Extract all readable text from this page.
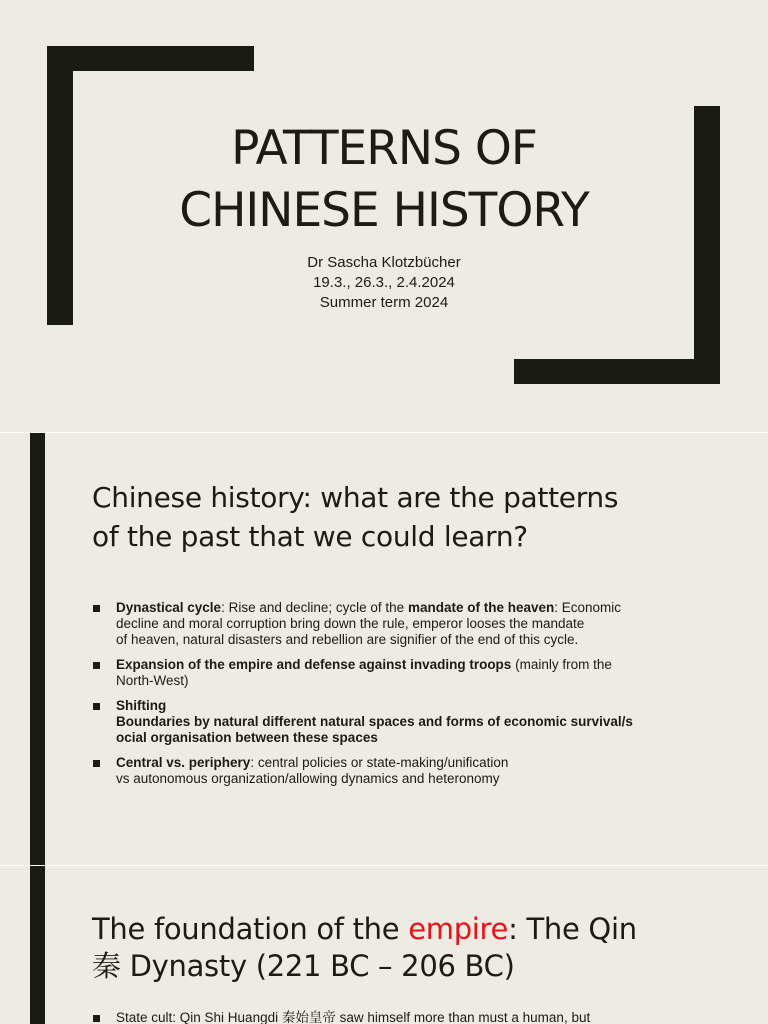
PATTERNS OF
CHINESE HISTORY
Dr Sascha Klotzbücher
19.3., 26.3., 2.4.2024
Summer term 2024
Chinese history: what are the patterns
of the past that we could learn?
Dynastical cycle: Rise and decline; cycle of the mandate of the heaven: Economic
decline and moral corruption bring down the rule, emperor looses the mandate
of heaven, natural disasters and rebellion are signifier of the end of this cycle.
Expansion of the empire and defense against invading troops (mainly from the
North-West)
Shifting
Boundaries by natural different natural spaces and forms of economic survival/s
ocial organisation between these spaces
Central vs. periphery: central policies or state-making/unification
vs autonomous organization/allowing dynamics and heteronomy
The foundation of the empire: The Qin
秦 Dynasty (221 BC – 206 BC)
State cult: Qin Shi Huangdi 秦始皇帝 saw himself more than must a human, but
